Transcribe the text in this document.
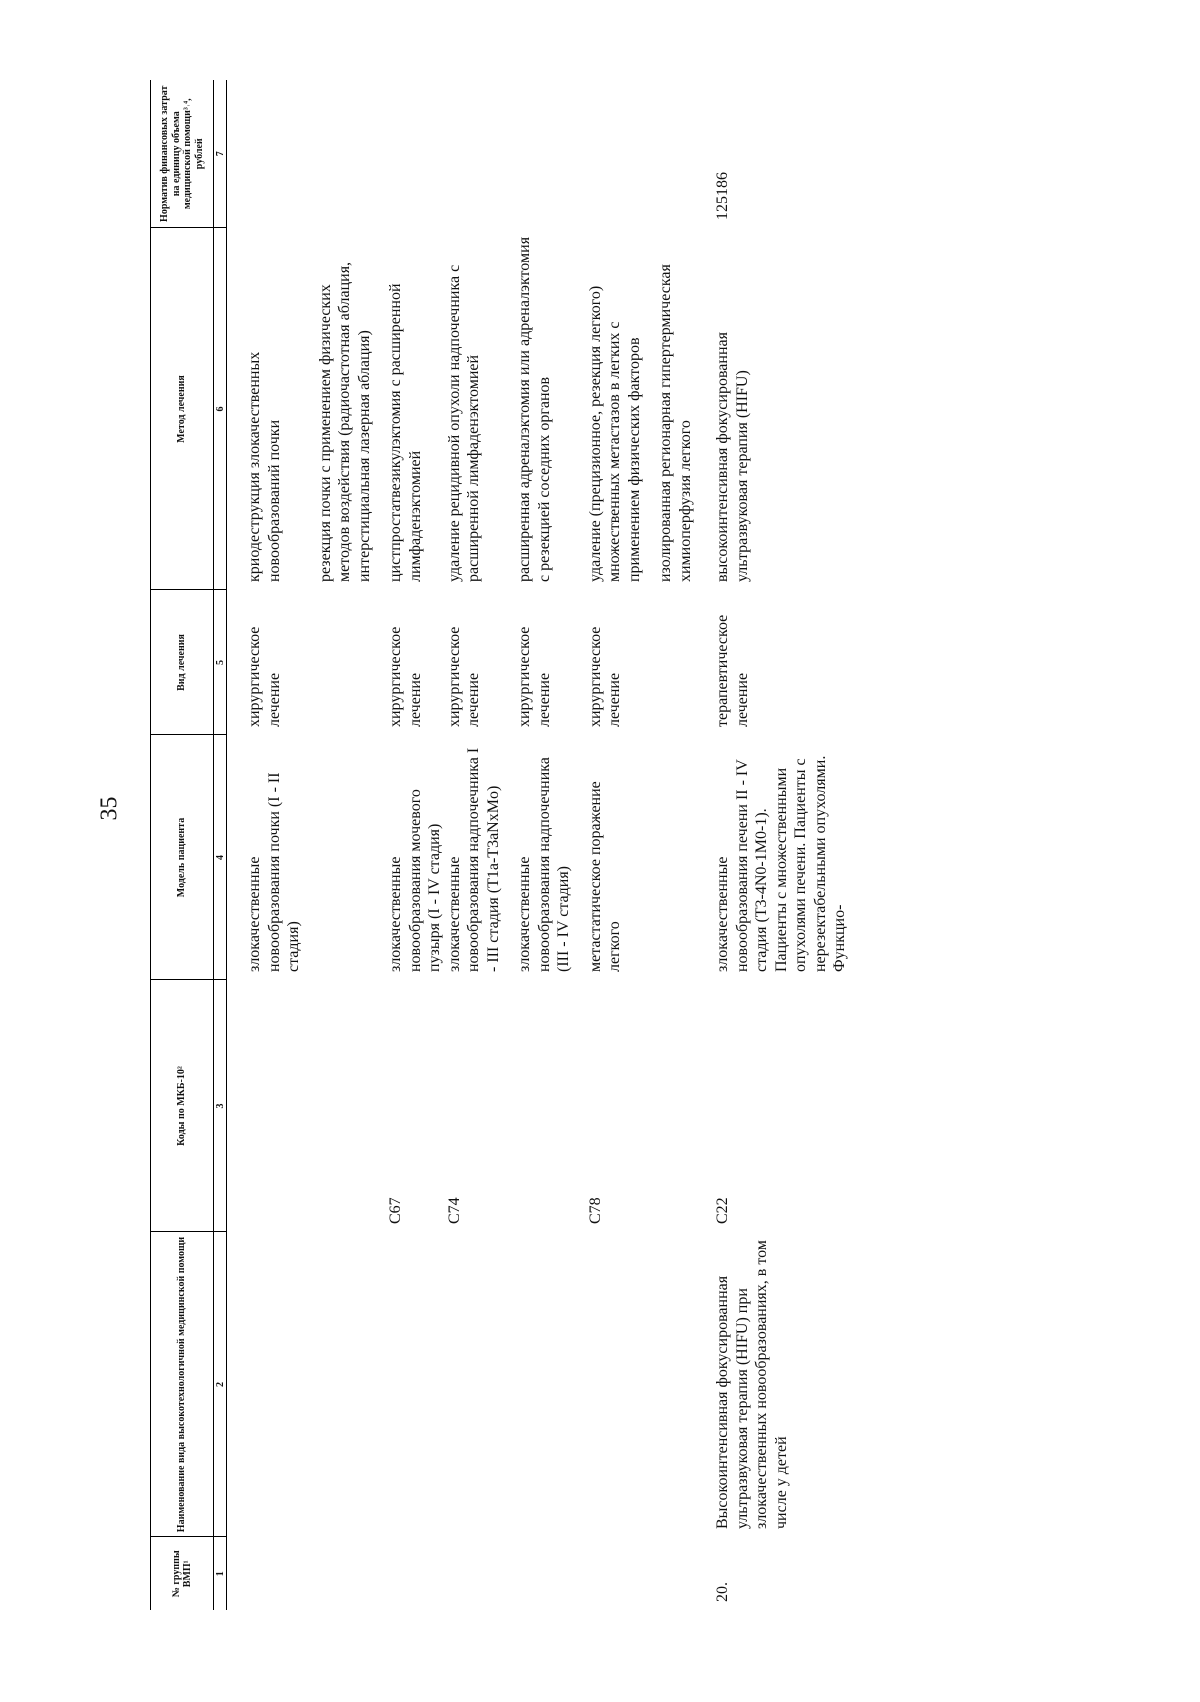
35
№ группы ВМП¹	Наименование вида высокотехнологичной медицинской помощи	Коды по МКБ-10²	Модель пациента	Вид лечения	Метод лечения	Норматив финансовых затрат на единицу объема медицинской помощи³˒⁴, рублей
1	2	3	4	5	6	7

			злокачественные новообразования почки (I - II стадия)	хирургическое лечение	криодеструкция злокачественных новообразований почки	

					резекция почки с применением физических методов воздействия (радиочастотная аблация, интерстициальная лазерная аблация)	

		C67	злокачественные новообразования мочевого пузыря (I - IV стадия)	хирургическое лечение	цистпростатвезикулэктомия с расширенной лимфаденэктомией	
		C74	злокачественные новообразования надпочечника I - III стадия (T1a-T3aNxMo)	хирургическое лечение	удаление рецидивной опухоли надпочечника с расширенной лимфаденэктомией	

			злокачественные новообразования надпочечника (III - IV стадия)	хирургическое лечение	расширенная адреналэктомия или адреналэктомия с резекцией соседних органов	

		C78	метастатическое поражение легкого	хирургическое лечение	удаление (прецизионное, резекция легкого) множественных метастазов в легких с применением физических факторов	

					изолированная регионарная гипертермическая химиоперфузия легкого	

20.	Высокоинтенсивная фокусированная ультразвуковая терапия (HIFU) при злокачественных новообразованиях, в том числе у детей	C22	злокачественные новообразования печени II - IV стадия (T3-4N0-1M0-1). Пациенты с множественными опухолями печени. Пациенты с нерезектабельными опухолями. Функцио-	терапевтическое лечение	высокоинтенсивная фокусированная ультразвуковая терапия (HIFU)	125186
